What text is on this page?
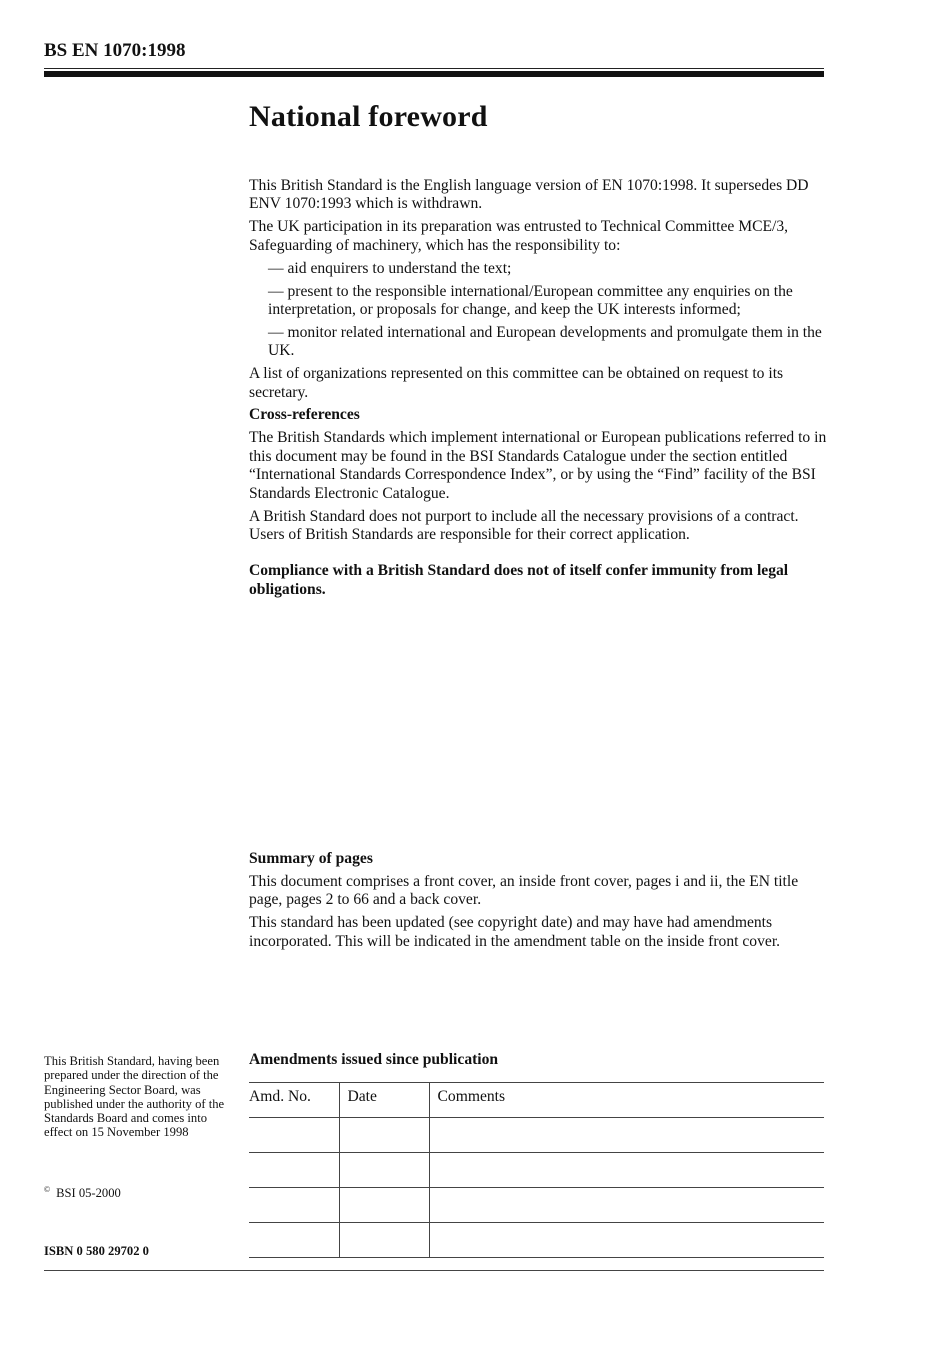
BS EN 1070:1998
National foreword

This British Standard is the English language version of EN 1070:1998. It supersedes DD ENV 1070:1993 which is withdrawn.

The UK participation in its preparation was entrusted to Technical Committee MCE/3, Safeguarding of machinery, which has the responsibility to:

— aid enquirers to understand the text;

— present to the responsible international/European committee any enquiries on the interpretation, or proposals for change, and keep the UK interests informed;

— monitor related international and European developments and promulgate them in the UK.

A list of organizations represented on this committee can be obtained on request to its secretary.

Cross-references

The British Standards which implement international or European publications referred to in this document may be found in the BSI Standards Catalogue under the section entitled “International Standards Correspondence Index”, or by using the “Find” facility of the BSI Standards Electronic Catalogue.

A British Standard does not purport to include all the necessary provisions of a contract. Users of British Standards are responsible for their correct application.

Compliance with a British Standard does not of itself confer immunity from legal obligations.

Summary of pages

This document comprises a front cover, an inside front cover, pages i and ii, the EN title page, pages 2 to 66 and a back cover.

This standard has been updated (see copyright date) and may have had amendments incorporated. This will be indicated in the amendment table on the inside front cover.

This British Standard, having been prepared under the direction of the Engineering Sector Board, was published under the authority of the Standards Board and comes into effect on 15 November 1998
© BSI 05-2000
ISBN 0 580 29702 0
Amendments issued since publication
Amd. No.	Date	Comments
